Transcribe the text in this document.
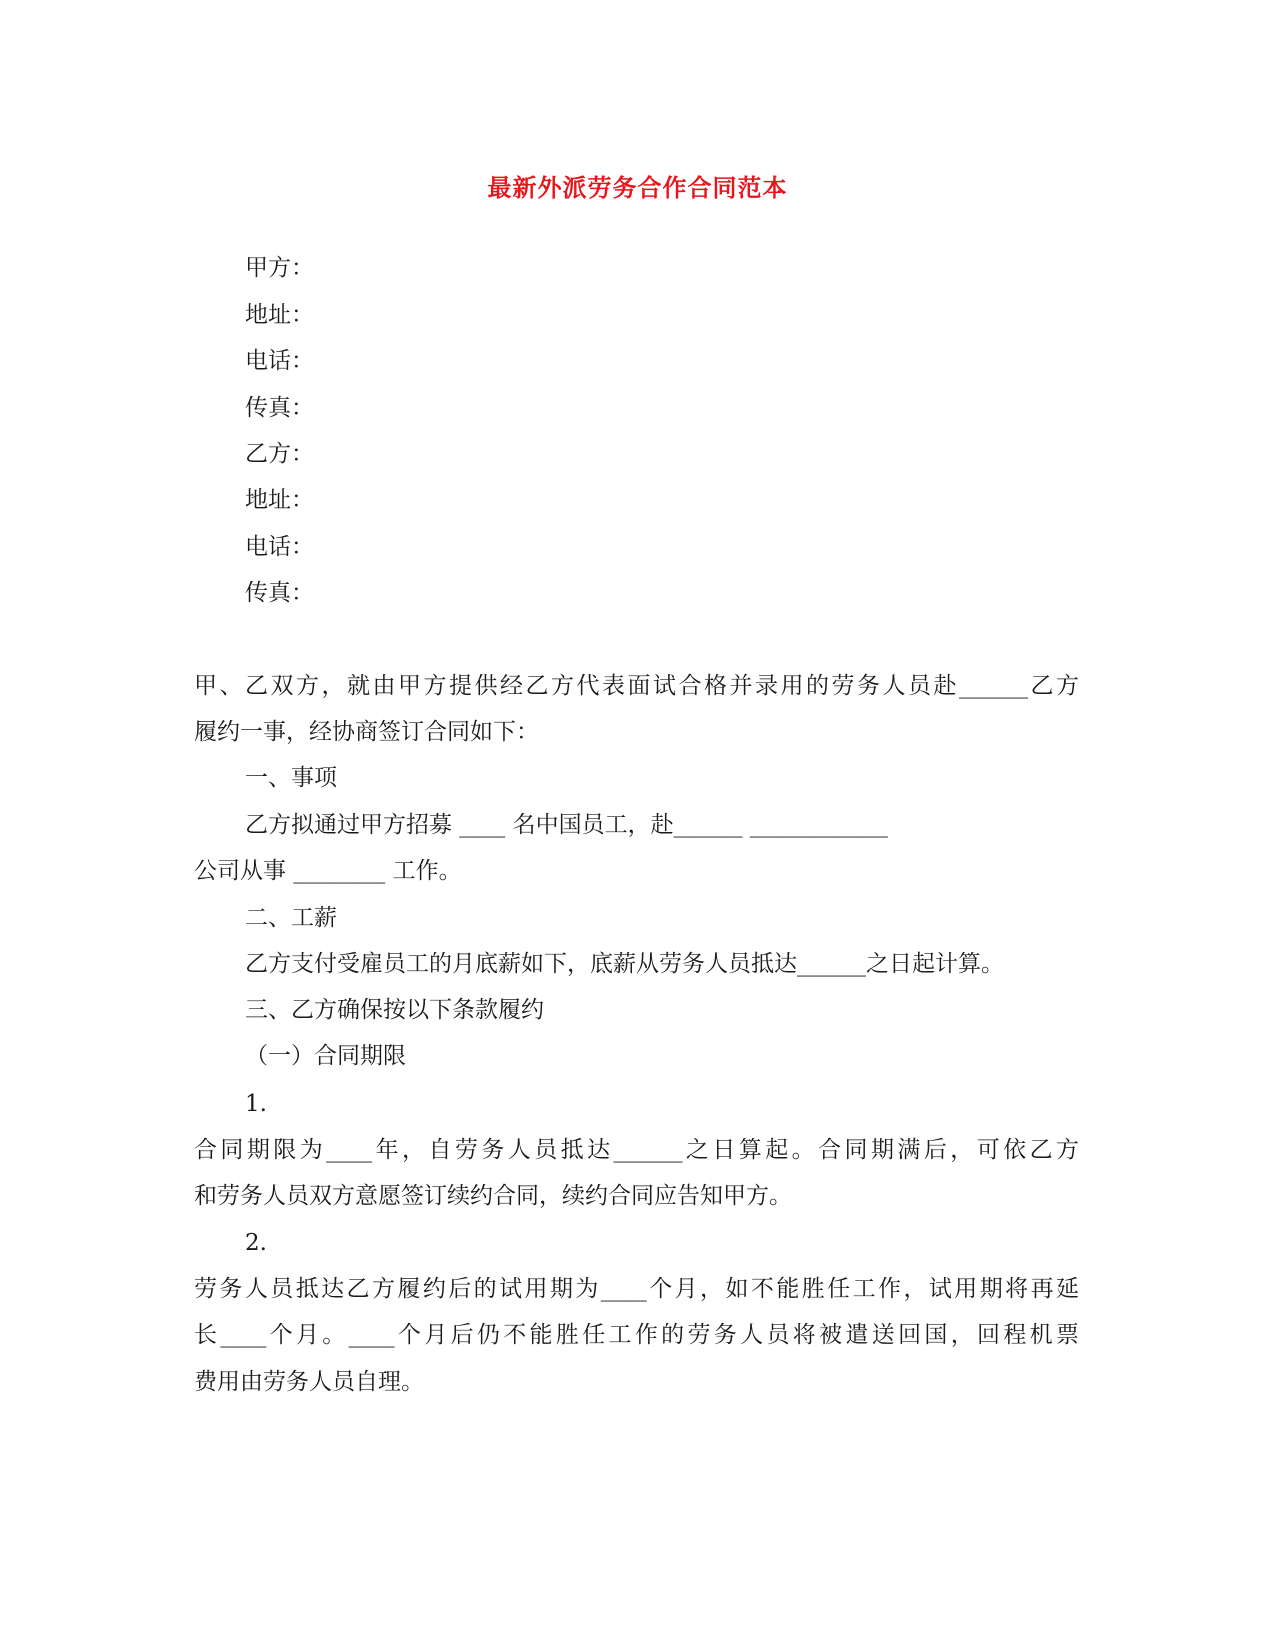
最新外派劳务合作合同范本
甲方：
地址：
电话：
传真：
乙方：
地址：
电话：
传真：
甲、乙双方，就由甲方提供经乙方代表面试合格并录用的劳务人员赴______乙方
履约一事，经协商签订合同如下：
一、事项
乙方拟通过甲方招募 ____ 名中国员工，赴______ ____________
公司从事 ________ 工作。
二、工薪
乙方支付受雇员工的月底薪如下，底薪从劳务人员抵达______之日起计算。
三、乙方确保按以下条款履约
（一）合同期限
1.
合同期限为____年，自劳务人员抵达______之日算起。合同期满后，可依乙方
和劳务人员双方意愿签订续约合同，续约合同应告知甲方。
2.
劳务人员抵达乙方履约后的试用期为____个月，如不能胜任工作，试用期将再延
长____个月。____个月后仍不能胜任工作的劳务人员将被遣送回国，回程机票
费用由劳务人员自理。
